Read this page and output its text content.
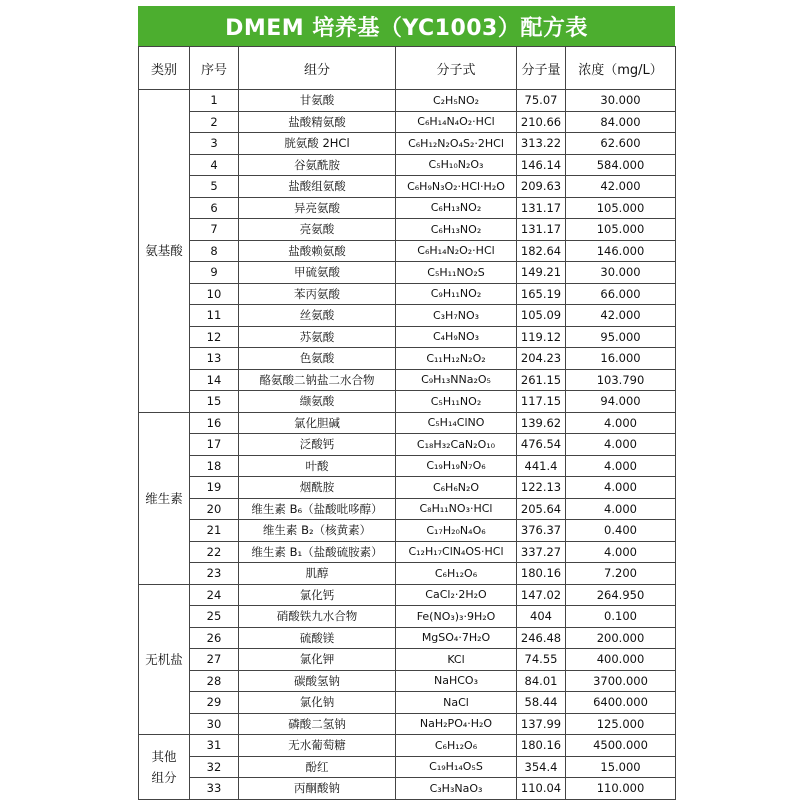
DMEM 培养基（YC1003）配方表
类别	序号	组分	分子式	分子量	浓度（mg/L）
氨基酸	1	甘氨酸	C₂H₅NO₂	75.07	30.000
	2	盐酸精氨酸	C₆H₁₄N₄O₂·HCl	210.66	84.000
	3	胱氨酸 2HCl	C₆H₁₂N₂O₄S₂·2HCl	313.22	62.600
	4	谷氨酰胺	C₅H₁₀N₂O₃	146.14	584.000
	5	盐酸组氨酸	C₆H₉N₃O₂·HCl·H₂O	209.63	42.000
	6	异亮氨酸	C₆H₁₃NO₂	131.17	105.000
	7	亮氨酸	C₆H₁₃NO₂	131.17	105.000
	8	盐酸赖氨酸	C₆H₁₄N₂O₂·HCl	182.64	146.000
	9	甲硫氨酸	C₅H₁₁NO₂S	149.21	30.000
	10	苯丙氨酸	C₉H₁₁NO₂	165.19	66.000
	11	丝氨酸	C₃H₇NO₃	105.09	42.000
	12	苏氨酸	C₄H₉NO₃	119.12	95.000
	13	色氨酸	C₁₁H₁₂N₂O₂	204.23	16.000
	14	酪氨酸二钠盐二水合物	C₉H₁₃NNa₂O₅	261.15	103.790
	15	缬氨酸	C₅H₁₁NO₂	117.15	94.000
维生素	16	氯化胆碱	C₅H₁₄ClNO	139.62	4.000
	17	泛酸钙	C₁₈H₃₂CaN₂O₁₀	476.54	4.000
	18	叶酸	C₁₉H₁₉N₇O₆	441.4	4.000
	19	烟酰胺	C₆H₆N₂O	122.13	4.000
	20	维生素 B₆（盐酸吡哆醇）	C₈H₁₁NO₃·HCl	205.64	4.000
	21	维生素 B₂（核黄素）	C₁₇H₂₀N₄O₆	376.37	0.400
	22	维生素 B₁（盐酸硫胺素）	C₁₂H₁₇ClN₄OS·HCl	337.27	4.000
	23	肌醇	C₆H₁₂O₆	180.16	7.200
无机盐	24	氯化钙	CaCl₂·2H₂O	147.02	264.950
	25	硝酸铁九水合物	Fe(NO₃)₃·9H₂O	404	0.100
	26	硫酸镁	MgSO₄·7H₂O	246.48	200.000
	27	氯化钾	KCl	74.55	400.000
	28	碳酸氢钠	NaHCO₃	84.01	3700.000
	29	氯化钠	NaCl	58.44	6400.000
	30	磷酸二氢钠	NaH₂PO₄·H₂O	137.99	125.000
其他组分	31	无水葡萄糖	C₆H₁₂O₆	180.16	4500.000
	32	酚红	C₁₉H₁₄O₅S	354.4	15.000
	33	丙酮酸钠	C₃H₃NaO₃	110.04	110.000
